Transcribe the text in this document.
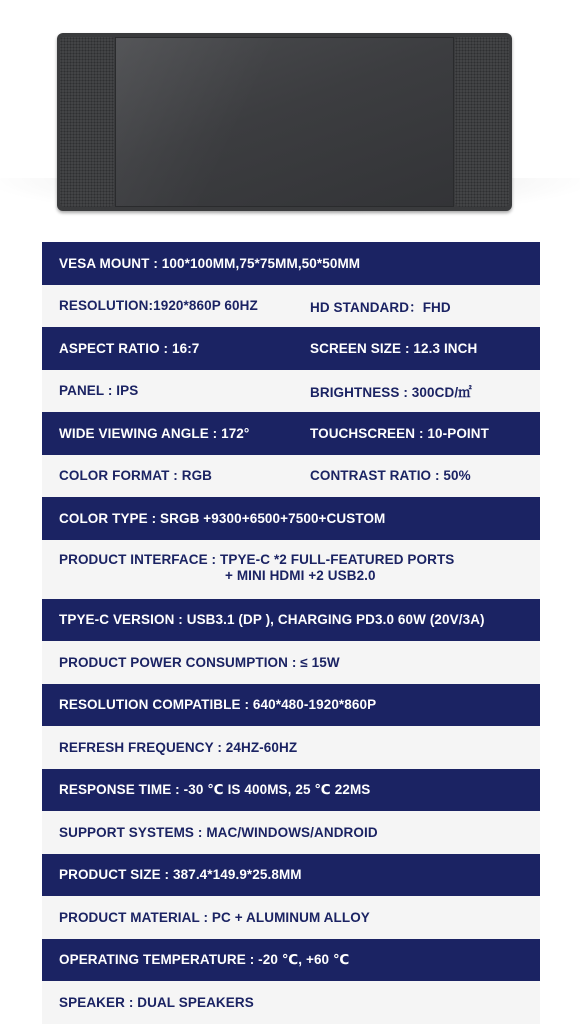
VESA MOUNT : 100*100MM,75*75MM,50*50MM
RESOLUTION:1920*860P 60HZ	HD STANDARD：FHD
ASPECT RATIO : 16:7	SCREEN SIZE : 12.3 INCH
PANEL : IPS	BRIGHTNESS : 300CD/㎡
WIDE VIEWING ANGLE : 172°	TOUCHSCREEN : 10-POINT
COLOR FORMAT : RGB	CONTRAST RATIO : 50%
COLOR TYPE : SRGB +9300+6500+7500+CUSTOM
PRODUCT INTERFACE : TPYE-C *2 FULL-FEATURED PORTS
+ MINI HDMI +2 USB2.0
TPYE-C VERSION : USB3.1 (DP ), CHARGING PD3.0 60W (20V/3A)
PRODUCT POWER CONSUMPTION : ≤ 15W
RESOLUTION COMPATIBLE : 640*480-1920*860P
REFRESH FREQUENCY : 24HZ-60HZ
RESPONSE TIME : -30 ℃ IS 400MS, 25 ℃ 22MS
SUPPORT SYSTEMS : MAC/WINDOWS/ANDROID
PRODUCT SIZE : 387.4*149.9*25.8MM
PRODUCT MATERIAL : PC + ALUMINUM ALLOY
OPERATING TEMPERATURE : -20 ℃, +60 ℃
SPEAKER : DUAL SPEAKERS
